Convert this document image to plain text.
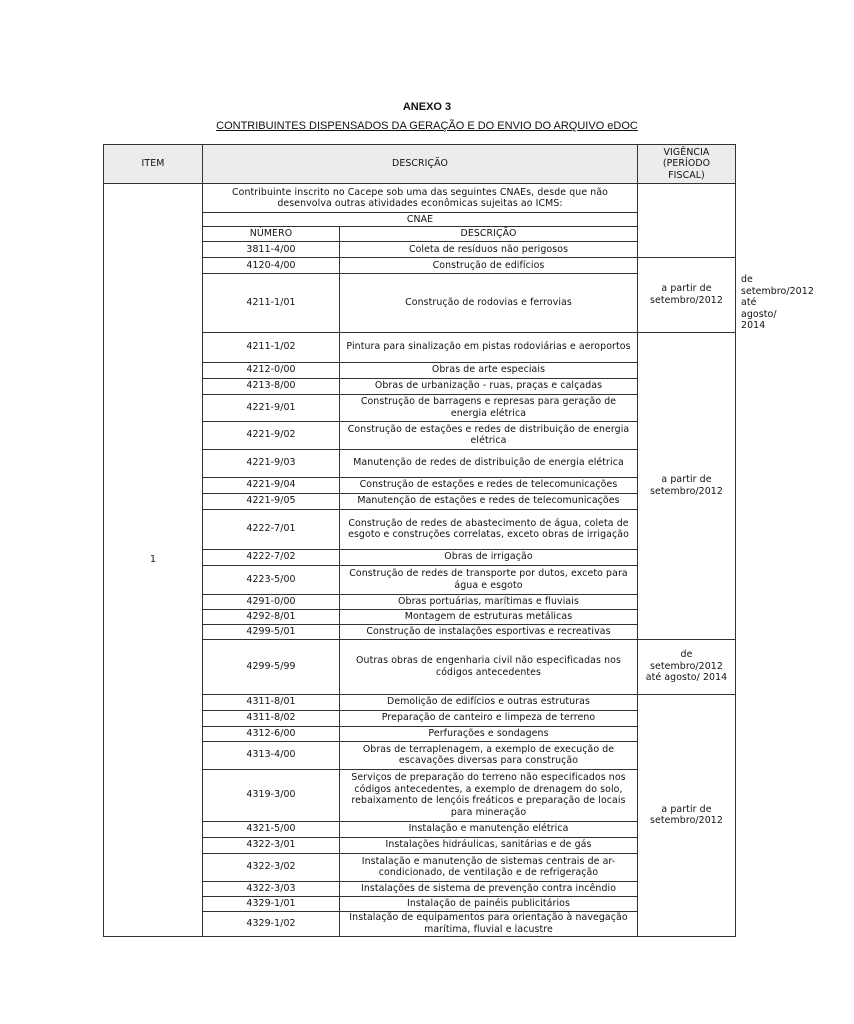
ANEXO 3
CONTRIBUINTES DISPENSADOS DA GERAÇÃO E DO ENVIO DO ARQUIVO eDOC
ITEM	DESCRIÇÃO		VIGÊNCIA (PERÍODO FISCAL)	
1	Contribuinte inscrito no Cacepe sob uma das seguintes CNAEs, desde que não desenvolva outras atividades econômicas sujeitas ao ICMS:			
	CNAE			
	NÚMERO	DESCRIÇÃO		
	3811-4/00	Coleta de resíduos não perigosos		
	4120-4/00	Construção de edifícios	a partir de setembro/2012	
	4211-1/01	Construção de rodovias e ferrovias		de setembro/2012 até agosto/ 2014
	4211-1/02	Pintura para sinalização em pistas rodoviárias e aeroportos	a partir de setembro/2012	
	4212-0/00	Obras de arte especiais		
	4213-8/00	Obras de urbanização - ruas, praças e calçadas		
	4221-9/01	Construção de barragens e represas para geração de energia elétrica		
	4221-9/02	Construção de estações e redes de distribuição de energia elétrica		
	4221-9/03	Manutenção de redes de distribuição de energia elétrica		
	4221-9/04	Construção de estações e redes de telecomunicações		
	4221-9/05	Manutenção de estações e redes de telecomunicações		
	4222-7/01	Construção de redes de abastecimento de água, coleta de esgoto e construções correlatas, exceto obras de irrigação		
	4222-7/02	Obras de irrigação		
	4223-5/00	Construção de redes de transporte por dutos, exceto para água e esgoto		
	4291-0/00	Obras portuárias, marítimas e fluviais		
	4292-8/01	Montagem de estruturas metálicas		
	4299-5/01	Construção de instalações esportivas e recreativas		
	4299-5/99	Outras obras de engenharia civil não especificadas nos códigos antecedentes	de setembro/2012 até agosto/ 2014	
	4311-8/01	Demolição de edifícios e outras estruturas	a partir de setembro/2012	
	4311-8/02	Preparação de canteiro e limpeza de terreno		
	4312-6/00	Perfurações e sondagens		
	4313-4/00	Obras de terraplenagem, a exemplo de execução de escavações diversas para construção		
	4319-3/00	Serviços de preparação do terreno não especificados nos códigos antecedentes, a exemplo de drenagem do solo, rebaixamento de lençóis freáticos e preparação de locais para mineração		
	4321-5/00	Instalação e manutenção elétrica		
	4322-3/01	Instalações hidráulicas, sanitárias e de gás		
	4322-3/02	Instalação e manutenção de sistemas centrais de ar-condicionado, de ventilação e de refrigeração		
	4322-3/03	Instalações de sistema de prevenção contra incêndio		
	4329-1/01	Instalação de painéis publicitários		
	4329-1/02	Instalação de equipamentos para orientação à navegação marítima, fluvial e lacustre		
